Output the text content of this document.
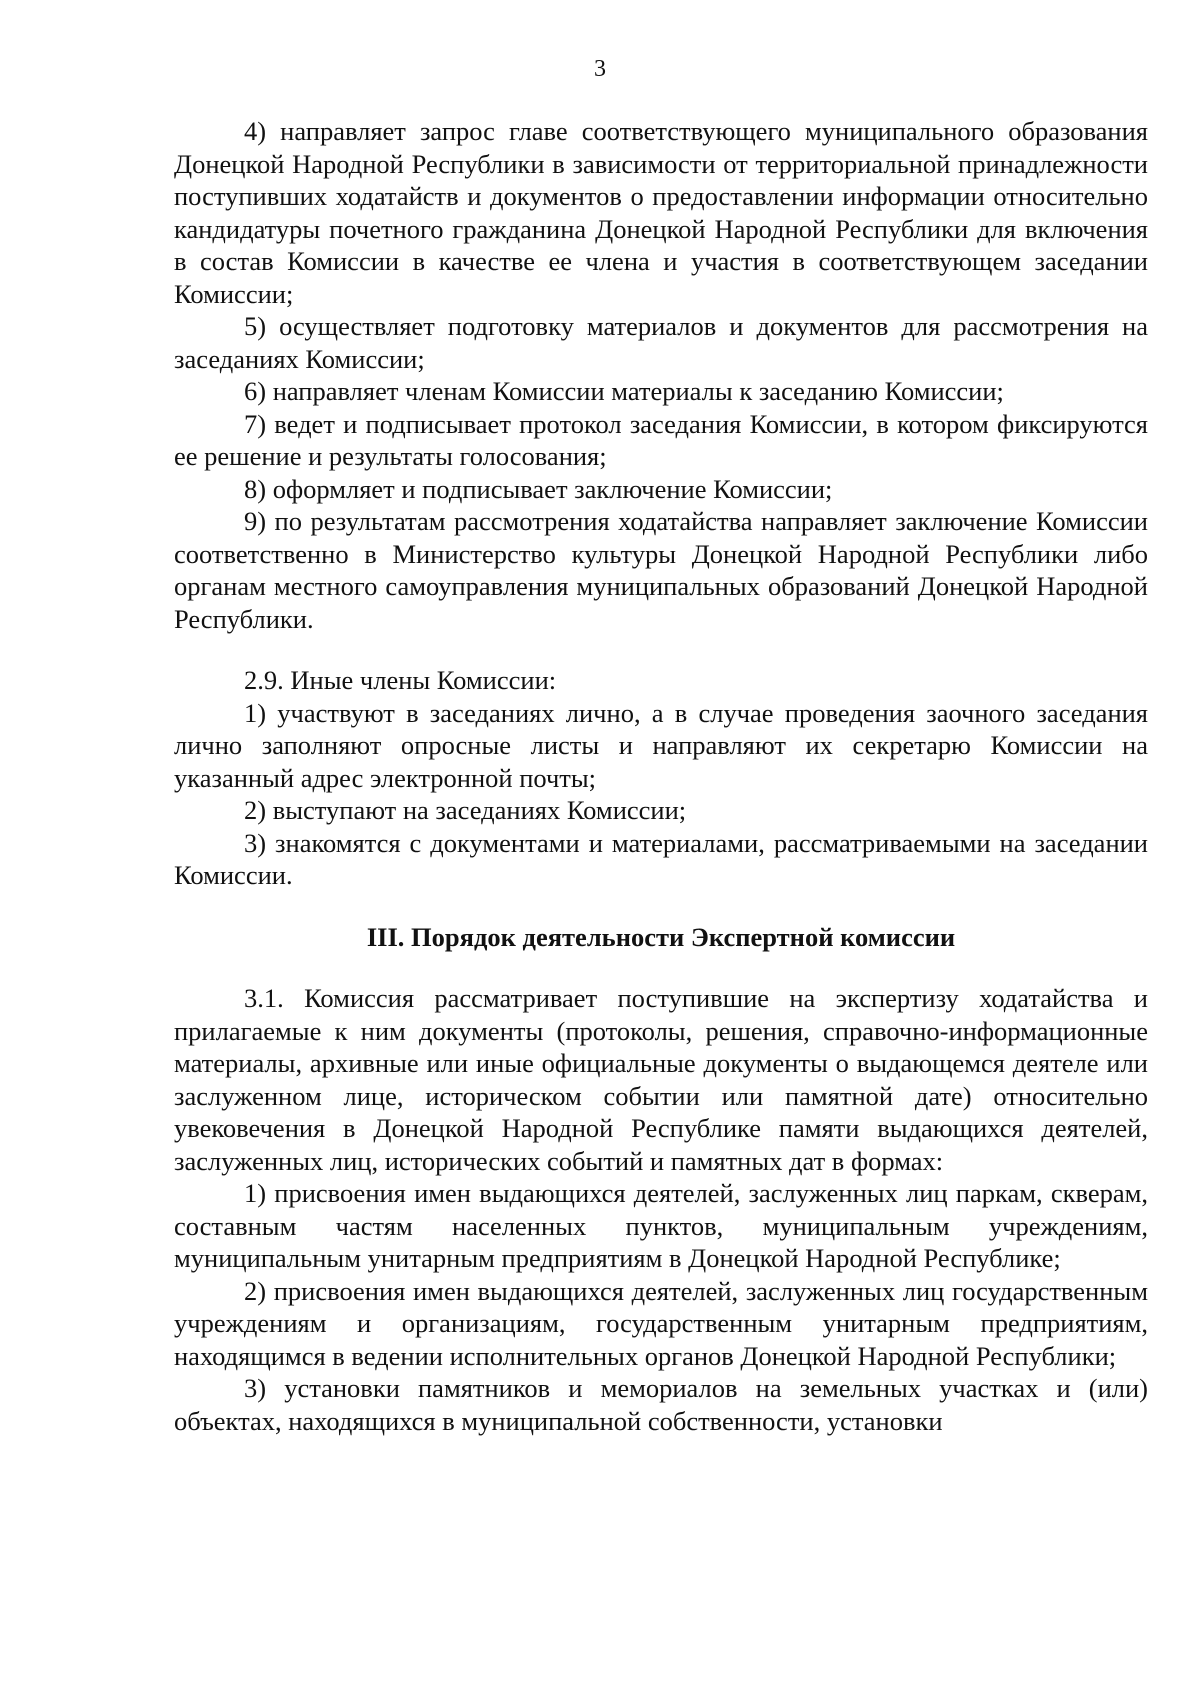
3

4) направляет запрос главе соответствующего муниципального образования Донецкой Народной Республики в зависимости от территориальной принадлежности поступивших ходатайств и документов о предоставлении информации относительно кандидатуры почетного гражданина Донецкой Народной Республики для включения в состав Комиссии в качестве ее члена и участия в соответствующем заседании Комиссии;

5) осуществляет подготовку материалов и документов для рассмотрения на заседаниях Комиссии;

6) направляет членам Комиссии материалы к заседанию Комиссии;

7) ведет и подписывает протокол заседания Комиссии, в котором фиксируются ее решение и результаты голосования;

8) оформляет и подписывает заключение Комиссии;

9) по результатам рассмотрения ходатайства направляет заключение Комиссии соответственно в Министерство культуры Донецкой Народной Республики либо органам местного самоуправления муниципальных образований Донецкой Народной Республики.

2.9. Иные члены Комиссии:

1) участвуют в заседаниях лично, а в случае проведения заочного заседания лично заполняют опросные листы и направляют их секретарю Комиссии на указанный адрес электронной почты;

2) выступают на заседаниях Комиссии;

3) знакомятся с документами и материалами, рассматриваемыми на заседании Комиссии.

III. Порядок деятельности Экспертной комиссии

3.1. Комиссия рассматривает поступившие на экспертизу ходатайства и прилагаемые к ним документы (протоколы, решения, справочно-информационные материалы, архивные или иные официальные документы о выдающемся деятеле или заслуженном лице, историческом событии или памятной дате) относительно увековечения в Донецкой Народной Республике памяти выдающихся деятелей, заслуженных лиц, исторических событий и памятных дат в формах:

1) присвоения имен выдающихся деятелей, заслуженных лиц паркам, скверам, составным частям населенных пунктов, муниципальным учреждениям, муниципальным унитарным предприятиям в Донецкой Народной Республике;

2) присвоения имен выдающихся деятелей, заслуженных лиц государственным учреждениям и организациям, государственным унитарным предприятиям, находящимся в ведении исполнительных органов Донецкой Народной Республики;

3) установки памятников и мемориалов на земельных участках и (или) объектах, находящихся в муниципальной собственности, установки
